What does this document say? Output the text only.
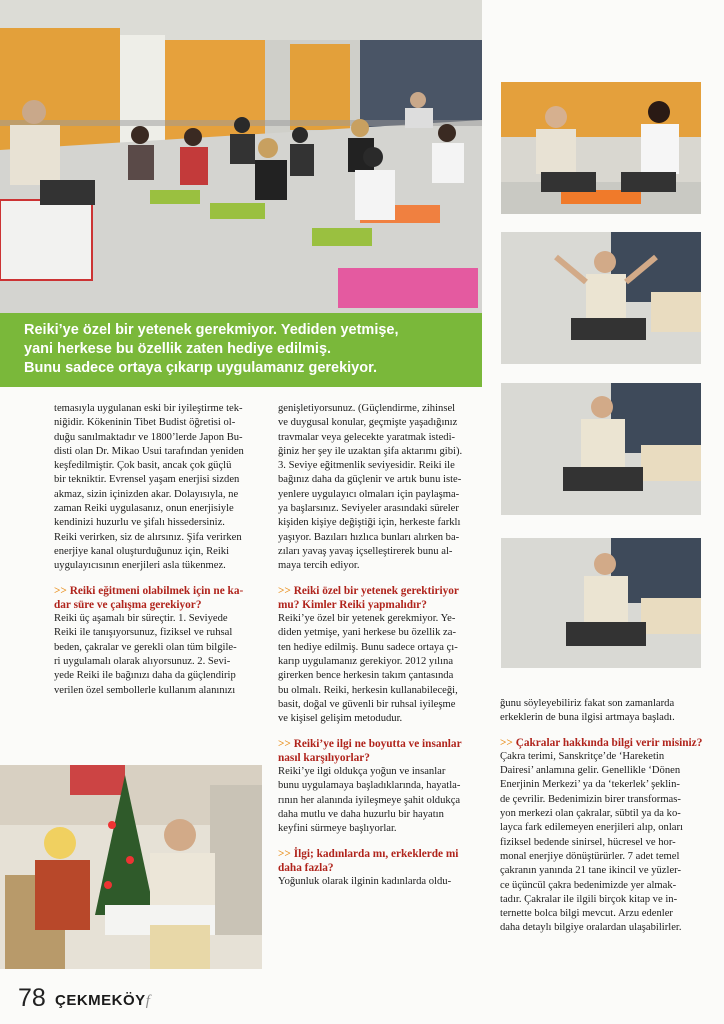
Reiki’ye özel bir yetenek gerekmiyor. Yediden yetmişe,
yani herkese bu özellik zaten hediye edilmiş.
Bunu sadece ortaya çıkarıp uygulamanız gerekiyor.

temasıyla uygulanan eski bir iyileştirme tek-

niğidir. Kökeninin Tibet Budist öğretisi ol-

duğu sanılmaktadır ve 1800’lerde Japon Bu-

disti olan Dr. Mikao Usui tarafından yeniden

keşfedilmiştir. Çok basit, ancak çok güçlü

bir tekniktir. Evrensel yaşam enerjisi sizden

akmaz, sizin içinizden akar. Dolayısıyla, ne

zaman Reiki uygulasanız, onun enerjisiyle

kendinizi huzurlu ve şifalı hissedersiniz.

Reiki verirken, siz de alırsınız. Şifa verirken

enerjiye kanal oluşturduğunuz için, Reiki

uygulayıcısının enerjileri asla tükenmez.

>> Reiki eğitmeni olabilmek için ne ka-

dar süre ve çalışma gerekiyor?

Reiki üç aşamalı bir süreçtir. 1. Seviyede

Reiki ile tanışıyorsunuz, fiziksel ve ruhsal

beden, çakralar ve gerekli olan tüm bilgile-

ri uygulamalı olarak alıyorsunuz. 2. Sevi-

yede Reiki ile bağınızı daha da güçlendirip

verilen özel sembollerle kullanım alanınızı

genişletiyorsunuz. (Güçlendirme, zihinsel

ve duygusal konular, geçmişte yaşadığınız

travmalar veya gelecekte yaratmak istedi-

ğiniz her şey ile uzaktan şifa aktarımı gibi).

3. Seviye eğitmenlik seviyesidir. Reiki ile

bağınız daha da güçlenir ve artık bunu iste-

yenlere uygulayıcı olmaları için paylaşma-

ya başlarsınız. Seviyeler arasındaki süreler

kişiden kişiye değiştiği için, herkeste farklı

yaşıyor. Bazıları hızlıca bunları alırken ba-

zıları yavaş yavaş içselleştirerek bunu al-

maya tercih ediyor.

>> Reiki özel bir yetenek gerektiriyor

mu? Kimler Reiki yapmalıdır?

Reiki’ye özel bir yetenek gerekmiyor. Ye-

diden yetmişe, yani herkese bu özellik za-

ten hediye edilmiş. Bunu sadece ortaya çı-

karıp uygulamanız gerekiyor. 2012 yılına

girerken bence herkesin takım çantasında

bu olmalı. Reiki, herkesin kullanabileceği,

basit, doğal ve güvenli bir ruhsal iyileşme

ve kişisel gelişim metodudur.

>> Reiki’ye ilgi ne boyutta ve insanlar

nasıl karşılıyorlar?

Reiki’ye ilgi oldukça yoğun ve insanlar

bunu uygulamaya başladıklarında, hayatla-

rının her alanında iyileşmeye şahit oldukça

daha mutlu ve daha huzurlu bir hayatın

keyfini sürmeye başlıyorlar.

>> İlgi; kadınlarda mı, erkeklerde mi

daha fazla?

Yoğunluk olarak ilginin kadınlarda oldu-

ğunu söyleyebiliriz fakat son zamanlarda

erkeklerin de buna ilgisi artmaya başladı.

>> Çakralar hakkında bilgi verir misiniz?

Çakra terimi, Sanskritçe’de ‘Hareketin

Dairesi’ anlamına gelir. Genellikle ‘Dönen

Enerjinin Merkezi’ ya da ‘tekerlek’ şeklin-

de çevrilir. Bedenimizin birer transformas-

yon merkezi olan çakralar, sübtil ya da ko-

layca fark edilemeyen enerjileri alıp, onları

fiziksel bedende sinirsel, hücresel ve hor-

monal enerjiye dönüştürürler. 7 adet temel

çakranın yanında 21 tane ikincil ve yüzler-

ce üçüncül çakra bedenimizde yer almak-

tadır. Çakralar ile ilgili birçok kitap ve in-

ternette bolca bilgi mevcut. Arzu edenler

daha detaylı bilgiye oralardan ulaşabilirler.

78 ÇEKMEKÖYf
